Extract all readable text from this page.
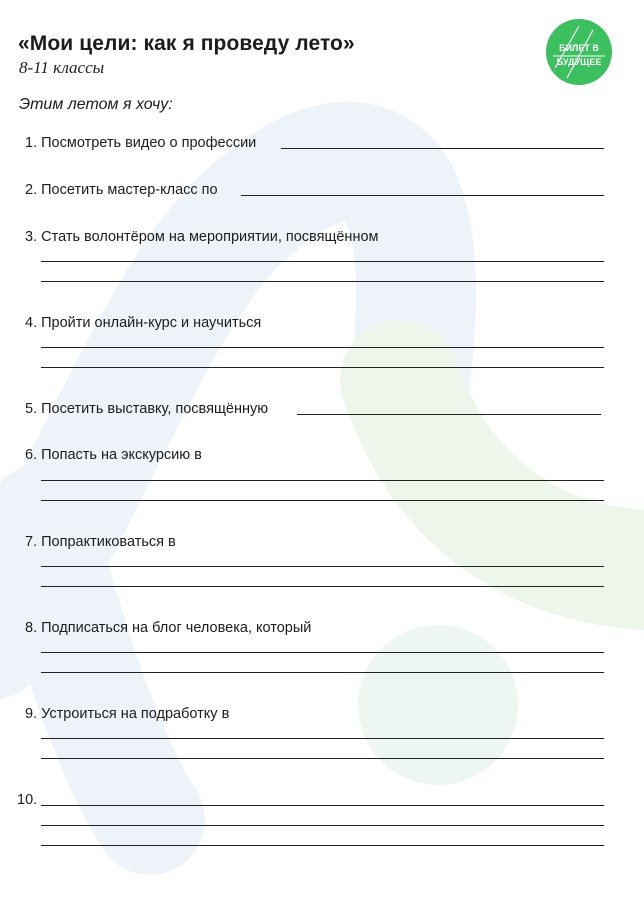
«Мои цели: как я проведу лето»
8-11 классы
БИЛЕТ В
БУДУЩЕЕ
Этим летом я хочу:
1. Посмотреть видео о профессии
2. Посетить мастер-класс по
3. Стать волонтёром на мероприятии, посвящённом
4. Пройти онлайн-курс и научиться
5. Посетить выставку, посвящённую
6. Попасть на экскурсию в
7. Попрактиковаться в
8. Подписаться на блог человека, который
9. Устроиться на подработку в
10.
